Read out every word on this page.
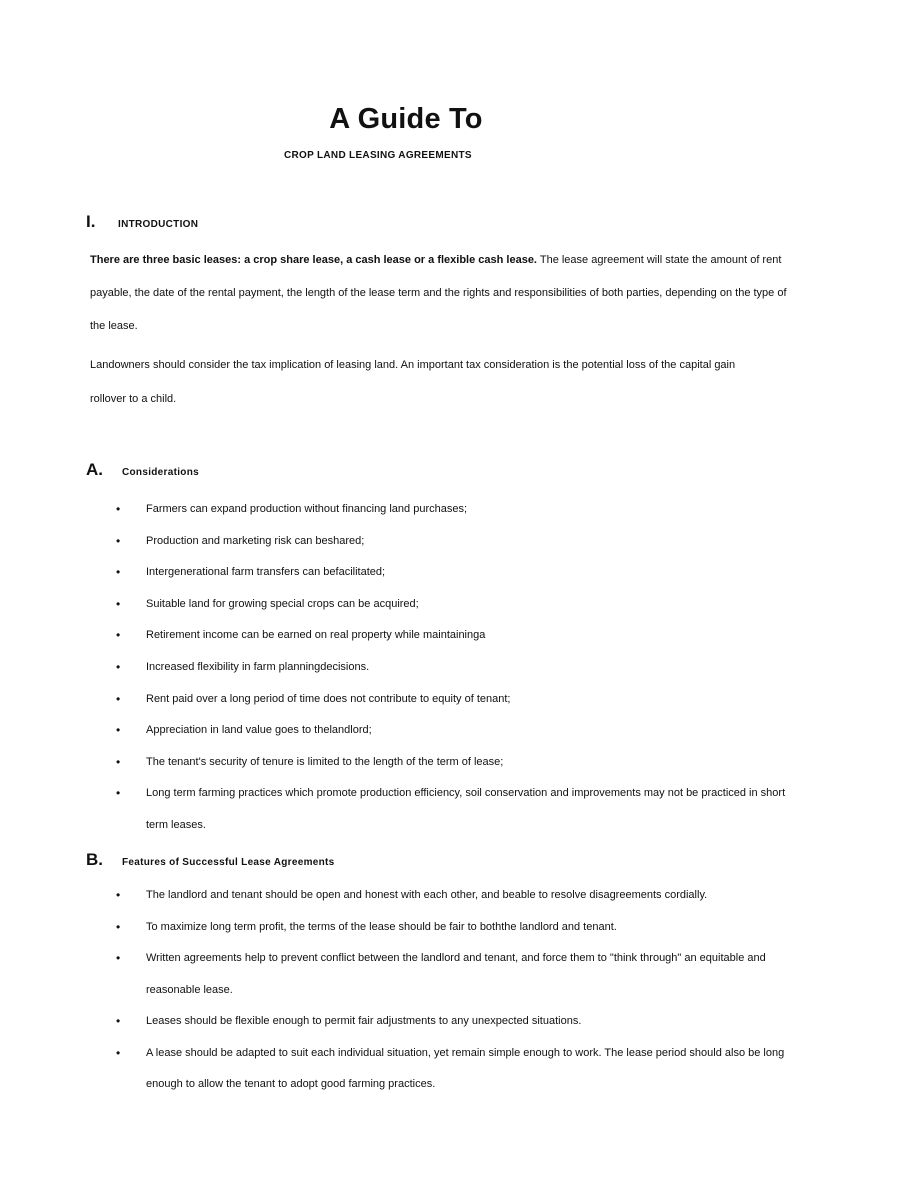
A Guide To
CROP LAND LEASING AGREEMENTS
I.	INTRODUCTION
There are three basic leases: a crop share lease, a cash lease or a flexible cash lease. The lease agreement will state the amount of rent payable, the date of the rental payment, the length of the lease term and the rights and responsibilities of both parties, depending on the type of the lease.
Landowners should consider the tax implication of leasing land. An important tax consideration is the potential loss of the capital gain rollover to a child.
A.	Considerations
• Farmers can expand production without financing land purchases;
• Production and marketing risk can beshared;
• Intergenerational farm transfers can befacilitated;
• Suitable land for growing special crops can be acquired;
• Retirement income can be earned on real property while maintaininga
• Increased flexibility in farm planningdecisions.
• Rent paid over a long period of time does not contribute to equity of tenant;
• Appreciation in land value goes to thelandlord;
• The tenant's security of tenure is limited to the length of the term of lease;
• Long term farming practices which promote production efficiency, soil conservation and improvements may not be practiced in short term leases.
B.	Features of Successful Lease Agreements
• The landlord and tenant should be open and honest with each other, and beable to resolve disagreements cordially.
• To maximize long term profit, the terms of the lease should be fair to boththe landlord and tenant.
• Written agreements help to prevent conflict between the landlord and tenant, and force them to "think through" an equitable and reasonable lease.
• Leases should be flexible enough to permit fair adjustments to any unexpected situations.
• A lease should be adapted to suit each individual situation, yet remain simple enough to work. The lease period should also be long enough to allow the tenant to adopt good farming practices.
